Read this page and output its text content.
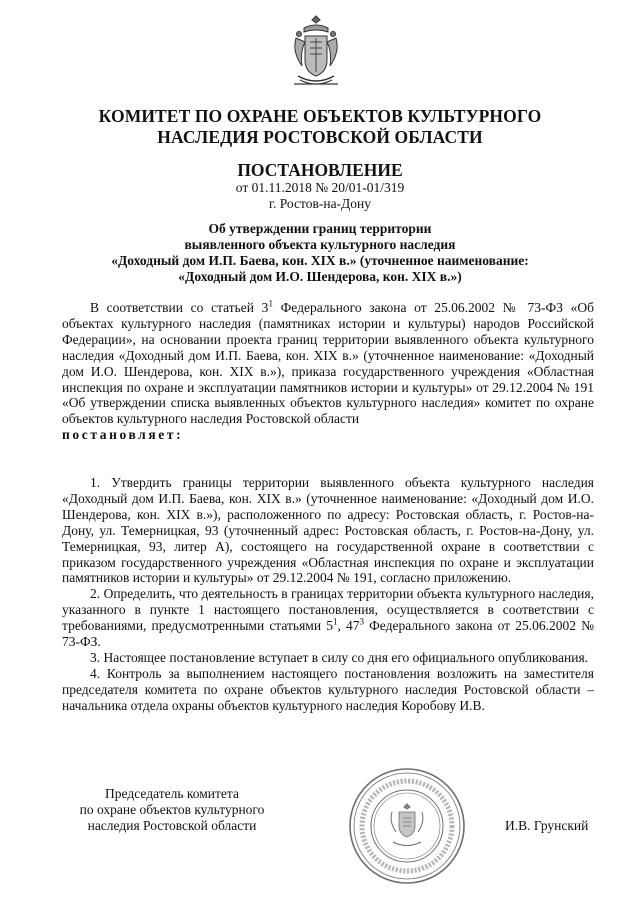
КОМИТЕТ ПО ОХРАНЕ ОБЪЕКТОВ КУЛЬТУРНОГО
НАСЛЕДИЯ РОСТОВСКОЙ ОБЛАСТИ
ПОСТАНОВЛЕНИЕ
от 01.11.2018 № 20/01-01/319
г. Ростов-на-Дону
Об утверждении границ территории
выявленного объекта культурного наследия
«Доходный дом И.П. Баева, кон. XIX в.» (уточненное наименование:
«Доходный дом И.О. Шендерова, кон. XIX в.»)
В соответствии со статьей $3^1$ Федерального закона от 25.06.2002 № 73-ФЗ «Об объектах культурного наследия (памятниках истории и культуры) народов Российской Федерации», на основании проекта границ территории выявленного объекта культурного наследия «Доходный дом И.П. Баева, кон. XIX в.» (уточненное наименование: «Доходный дом И.О. Шендерова, кон. XIX в.»), приказа государственного учреждения «Областная инспекция по охране и эксплуатации памятников истории и культуры» от 29.12.2004 № 191 «Об утверждении списка выявленных объектов культурного наследия» комитет по охране объектов культурного наследия Ростовской области
постановляет:

1. Утвердить границы территории выявленного объекта культурного наследия «Доходный дом И.П. Баева, кон. XIX в.» (уточненное наименование: «Доходный дом И.О. Шендерова, кон. XIX в.»), расположенного по адресу: Ростовская область, г. Ростов-на-Дону, ул. Темерницкая, 93 (уточненный адрес: Ростовская область, г. Ростов-на-Дону, ул. Темерницкая, 93, литер А), состоящего на государственной охране в соответствии с приказом государственного учреждения «Областная инспекция по охране и эксплуатации памятников истории и культуры» от 29.12.2004 № 191, согласно приложению.

2. Определить, что деятельность в границах территории объекта культурного наследия, указанного в пункте 1 настоящего постановления, осуществляется в соответствии с требованиями, предусмотренными статьями $5^1$, $47^3$ Федерального закона от 25.06.2002 № 73-ФЗ.

3. Настоящее постановление вступает в силу со дня его официального опубликования.

4. Контроль за выполнением настоящего постановления возложить на заместителя председателя комитета по охране объектов культурного наследия Ростовской области – начальника отдела охраны объектов культурного наследия Коробову И.В.

Председатель комитета
по охране объектов культурного
наследия Ростовской области	И.В. Грунский
